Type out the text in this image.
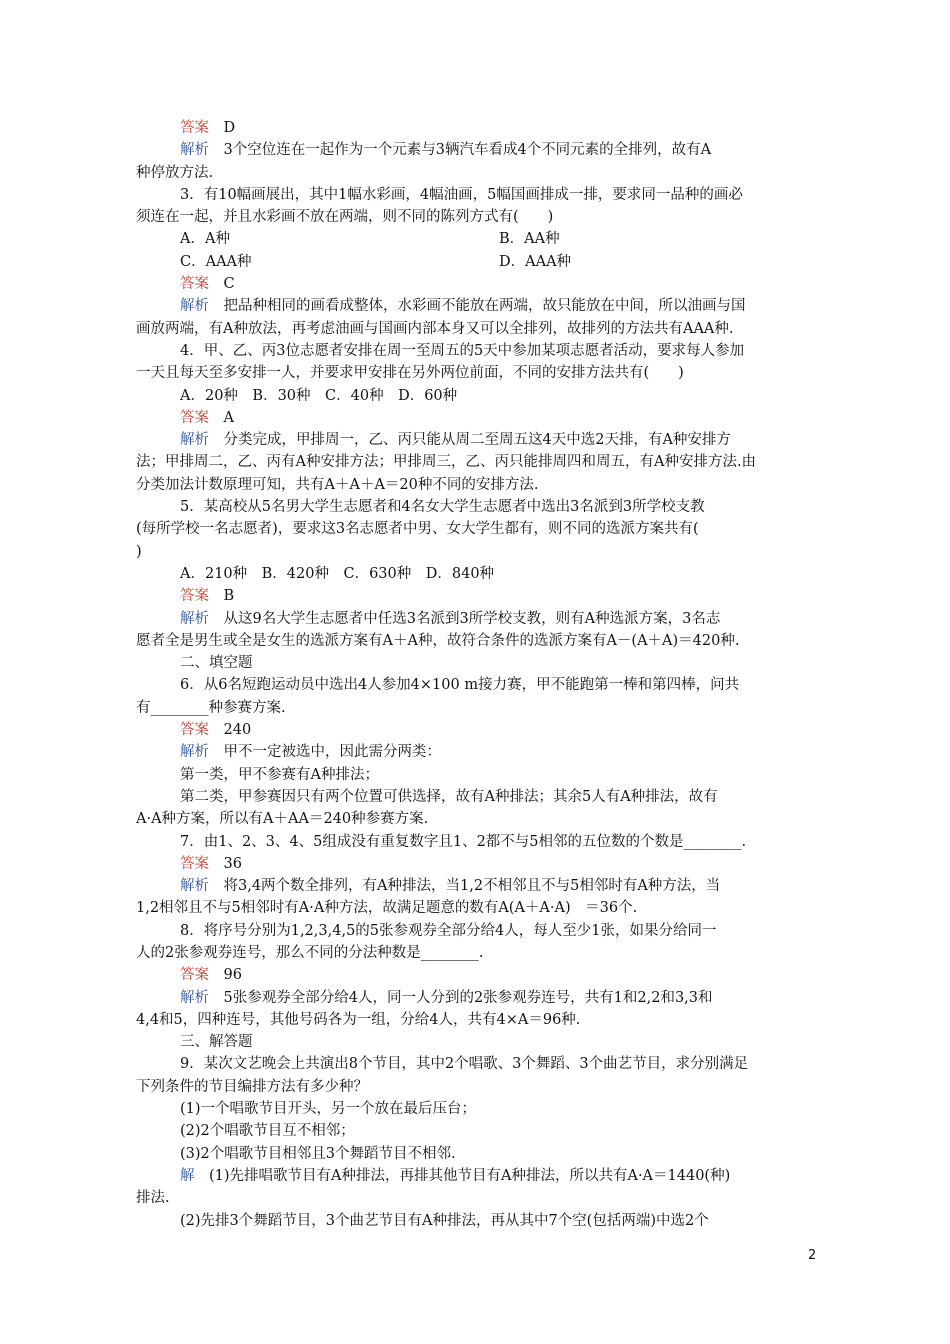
答案　 D
解析　 3个空位连在一起作为一个元素与3辆汽车看成4个不同元素的全排列，故有A
种停放方法.
3．有10幅画展出，其中1幅水彩画，4幅油画，5幅国画排成一排，要求同一品种的画必
须连在一起，并且水彩画不放在两端，则不同的陈列方式有(　　)
A．A种	B．AA种
C．AAA种	D．AAA种
答案　 C
解析　 把品种相同的画看成整体，水彩画不能放在两端，故只能放在中间，所以油画与国
画放两端，有A种放法，再考虑油画与国画内部本身又可以全排列，故排列的方法共有AAA种.
4．甲、乙、丙3位志愿者安排在周一至周五的5天中参加某项志愿者活动，要求每人参加
一天且每天至多安排一人，并要求甲安排在另外两位前面，不同的安排方法共有(　　)
A．20种　B．30种　C．40种　D．60种
答案　 A
解析　 分类完成，甲排周一，乙、丙只能从周二至周五这4天中选2天排，有A种安排方
法；甲排周二，乙、丙有A种安排方法；甲排周三，乙、丙只能排周四和周五，有A种安排方法.由
分类加法计数原理可知，共有A＋A＋A＝20种不同的安排方法.
5．某高校从5名男大学生志愿者和4名女大学生志愿者中选出3名派到3所学校支教
(每所学校一名志愿者)，要求这3名志愿者中男、女大学生都有，则不同的选派方案共有(
)
A．210种　B．420种　C．630种　D．840种
答案　 B
解析　 从这9名大学生志愿者中任选3名派到3所学校支教，则有A种选派方案，3名志
愿者全是男生或全是女生的选派方案有A＋A种，故符合条件的选派方案有A－(A＋A)＝420种.
二、填空题
6．从6名短跑运动员中选出4人参加4×100 m接力赛，甲不能跑第一棒和第四棒，问共
有________种参赛方案.
答案　 240
解析　 甲不一定被选中，因此需分两类：
第一类，甲不参赛有A种排法；
第二类，甲参赛因只有两个位置可供选择，故有A种排法；其余5人有A种排法，故有
A·A种方案，所以有A＋AA＝240种参赛方案.
7．由1、2、3、4、5组成没有重复数字且1、2都不与5相邻的五位数的个数是________.
答案　 36
解析　 将3,4两个数全排列，有A种排法，当1,2不相邻且不与5相邻时有A种方法，当
1,2相邻且不与5相邻时有A·A种方法，故满足题意的数有A(A＋A·A)　＝36个.
8．将序号分别为1,2,3,4,5的5张参观券全部分给4人，每人至少1张，如果分给同一
人的2张参观券连号，那么不同的分法种数是________.
答案　 96
解析　 5张参观券全部分给4人，同一人分到的2张参观券连号，共有1和2,2和3,3和
4,4和5，四种连号，其他号码各为一组，分给4人，共有4×A＝96种.
三、解答题
9．某次文艺晚会上共演出8个节目，其中2个唱歌、3个舞蹈、3个曲艺节目，求分别满足
下列条件的节目编排方法有多少种？
(1)一个唱歌节目开头，另一个放在最后压台；
(2)2个唱歌节目互不相邻；
(3)2个唱歌节目相邻且3个舞蹈节目不相邻.
解　 (1)先排唱歌节目有A种排法，再排其他节目有A种排法，所以共有A·A＝1440(种)
排法.
(2)先排3个舞蹈节目，3个曲艺节目有A种排法，再从其中7个空(包括两端)中选2个
2
